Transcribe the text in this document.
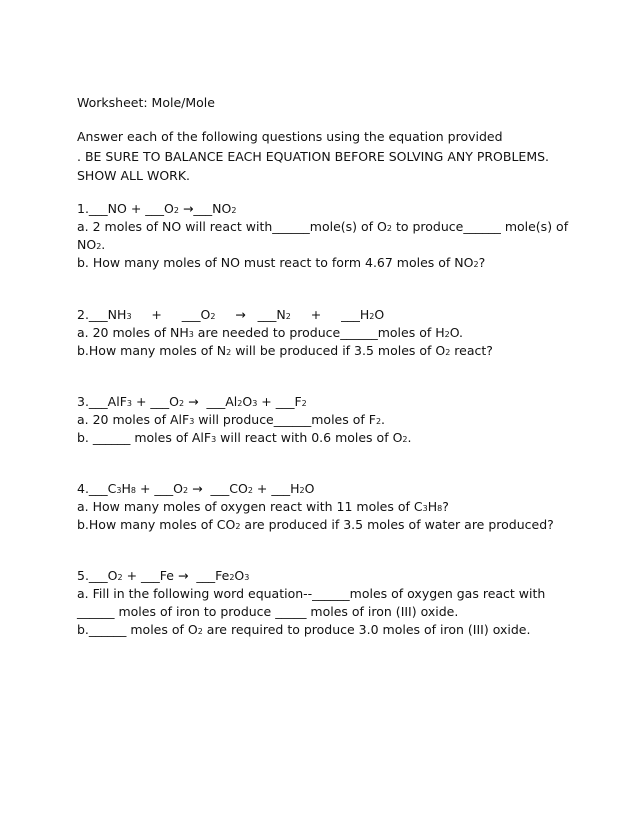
Worksheet: Mole/Mole
Answer each of the following questions using the equation provided
. BE SURE TO BALANCE EACH EQUATION BEFORE SOLVING ANY PROBLEMS.
SHOW ALL WORK.
1.___NO + ___O2 →___NO2
a. 2 moles of NO will react with______mole(s) of O2 to produce______ mole(s) of
NO2.
b. How many moles of NO must react to form 4.67 moles of NO2?
2.___NH3     +     ___O2     →   ___N2     +     ___H2O
a. 20 moles of NH3 are needed to produce______moles of H2O.
b.How many moles of N2 will be produced if 3.5 moles of O2 react?
3.___AlF3 + ___O2 →  ___Al2O3 + ___F2
a. 20 moles of AlF3 will produce______moles of F2.
b. ______ moles of AlF3 will react with 0.6 moles of O2.
4.___C3H8 + ___O2 →  ___CO2 + ___H2O
a. How many moles of oxygen react with 11 moles of C3H8?
b.How many moles of CO2 are produced if 3.5 moles of water are produced?
5.___O2 + ___Fe →  ___Fe2O3
a. Fill in the following word equation--______moles of oxygen gas react with
______ moles of iron to produce _____ moles of iron (III) oxide.
b.______ moles of O2 are required to produce 3.0 moles of iron (III) oxide.
